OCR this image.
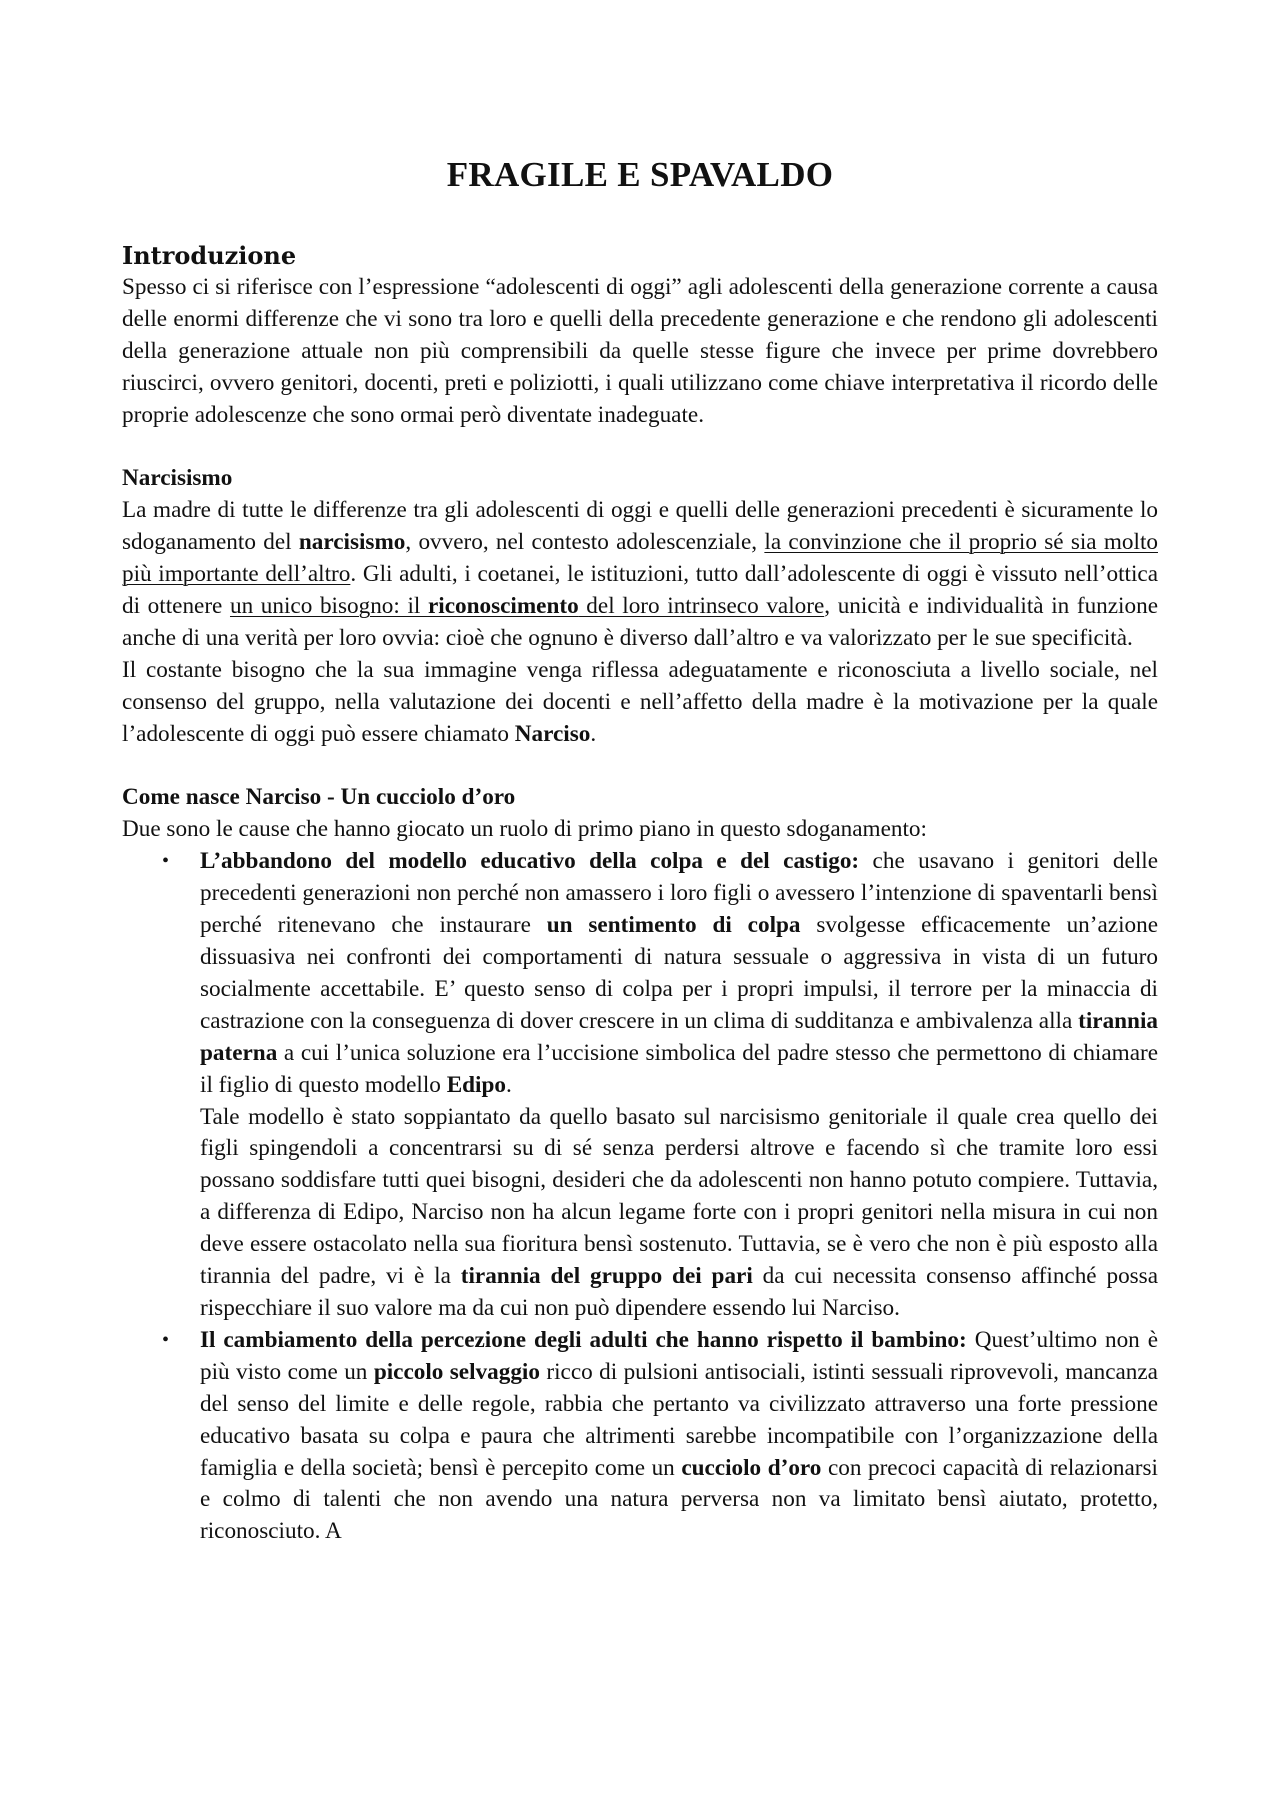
FRAGILE E SPAVALDO
Introduzione

Spesso ci si riferisce con l’espressione “adolescenti di oggi” agli adolescenti della generazione corrente a causa delle enormi differenze che vi sono tra loro e quelli della precedente generazione e che rendono gli adolescenti della generazione attuale non più comprensibili da quelle stesse figure che invece per prime dovrebbero riuscirci, ovvero genitori, docenti, preti e poliziotti, i quali utilizzano come chiave interpretativa il ricordo delle proprie adolescenze che sono ormai però diventate inadeguate.

Narcisismo

La madre di tutte le differenze tra gli adolescenti di oggi e quelli delle generazioni precedenti è sicuramente lo sdoganamento del narcisismo, ovvero, nel contesto adolescenziale, la convinzione che il proprio sé sia molto più importante dell’altro. Gli adulti, i coetanei, le istituzioni, tutto dall’adolescente di oggi è vissuto nell’ottica di ottenere un unico bisogno: il riconoscimento del loro intrinseco valore, unicità e individualità in funzione anche di una verità per loro ovvia: cioè che ognuno è diverso dall’altro e va valorizzato per le sue specificità.

Il costante bisogno che la sua immagine venga riflessa adeguatamente e riconosciuta a livello sociale, nel consenso del gruppo, nella valutazione dei docenti e nell’affetto della madre è la motivazione per la quale l’adolescente di oggi può essere chiamato Narciso.

Come nasce Narciso - Un cucciolo d’oro

Due sono le cause che hanno giocato un ruolo di primo piano in questo sdoganamento:

• L’abbandono del modello educativo della colpa e del castigo: che usavano i genitori delle precedenti generazioni non perché non amassero i loro figli o avessero l’intenzione di spaventarli bensì perché ritenevano che instaurare un sentimento di colpa svolgesse efficacemente un’azione dissuasiva nei confronti dei comportamenti di natura sessuale o aggressiva in vista di un futuro socialmente accettabile. E’ questo senso di colpa per i propri impulsi, il terrore per la minaccia di castrazione con la conseguenza di dover crescere in un clima di sudditanza e ambivalenza alla tirannia paterna a cui l’unica soluzione era l’uccisione simbolica del padre stesso che permettono di chiamare il figlio di questo modello Edipo.
Tale modello è stato soppiantato da quello basato sul narcisismo genitoriale il quale crea quello dei figli spingendoli a concentrarsi su di sé senza perdersi altrove e facendo sì che tramite loro essi possano soddisfare tutti quei bisogni, desideri che da adolescenti non hanno potuto compiere. Tuttavia, a differenza di Edipo, Narciso non ha alcun legame forte con i propri genitori nella misura in cui non deve essere ostacolato nella sua fioritura bensì sostenuto. Tuttavia, se è vero che non è più esposto alla tirannia del padre, vi è la tirannia del gruppo dei pari da cui necessita consenso affinché possa rispecchiare il suo valore ma da cui non può dipendere essendo lui Narciso.
• Il cambiamento della percezione degli adulti che hanno rispetto il bambino: Quest’ultimo non è più visto come un piccolo selvaggio ricco di pulsioni antisociali, istinti sessuali riprovevoli, mancanza del senso del limite e delle regole, rabbia che pertanto va civilizzato attraverso una forte pressione educativo basata su colpa e paura che altrimenti sarebbe incompatibile con l’organizzazione della famiglia e della società; bensì è percepito come un cucciolo d’oro con precoci capacità di relazionarsi e colmo di talenti che non avendo una natura perversa non va limitato bensì aiutato, protetto, riconosciuto. A
